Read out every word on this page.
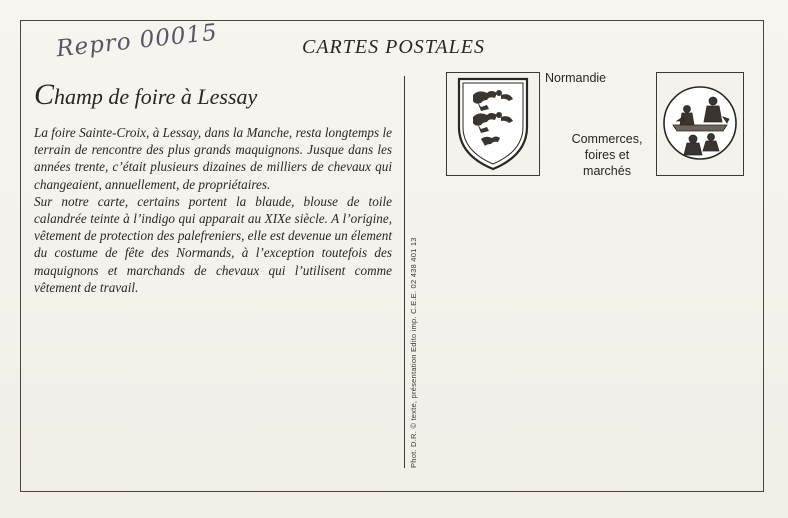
Repro 00015	CARTES POSTALES
Champ de foire à Lessay

La foire Sainte-Croix, à Lessay, dans la Manche, resta longtemps le terrain de rencontre des plus grands maquignons. Jusque dans les années trente, c’était plusieurs dizaines de milliers de chevaux qui changeaient, annuellement, de propriétaires.

Sur notre carte, certains portent la blaude, blouse de toile calandrée teinte à l’indigo qui apparait au XIXe siècle. A l’origine, vêtement de protection des palefreniers, elle est devenue un élement du costume de fête des Normands, à l’exception toutefois des maquignons et marchands de chevaux qui l’utilisent comme vêtement de travail.	Phot. D.R. © texte, présentation Edito imp. C.E.E. 02 438 401 13
Normandie
Commerces,
foires et
marchés
